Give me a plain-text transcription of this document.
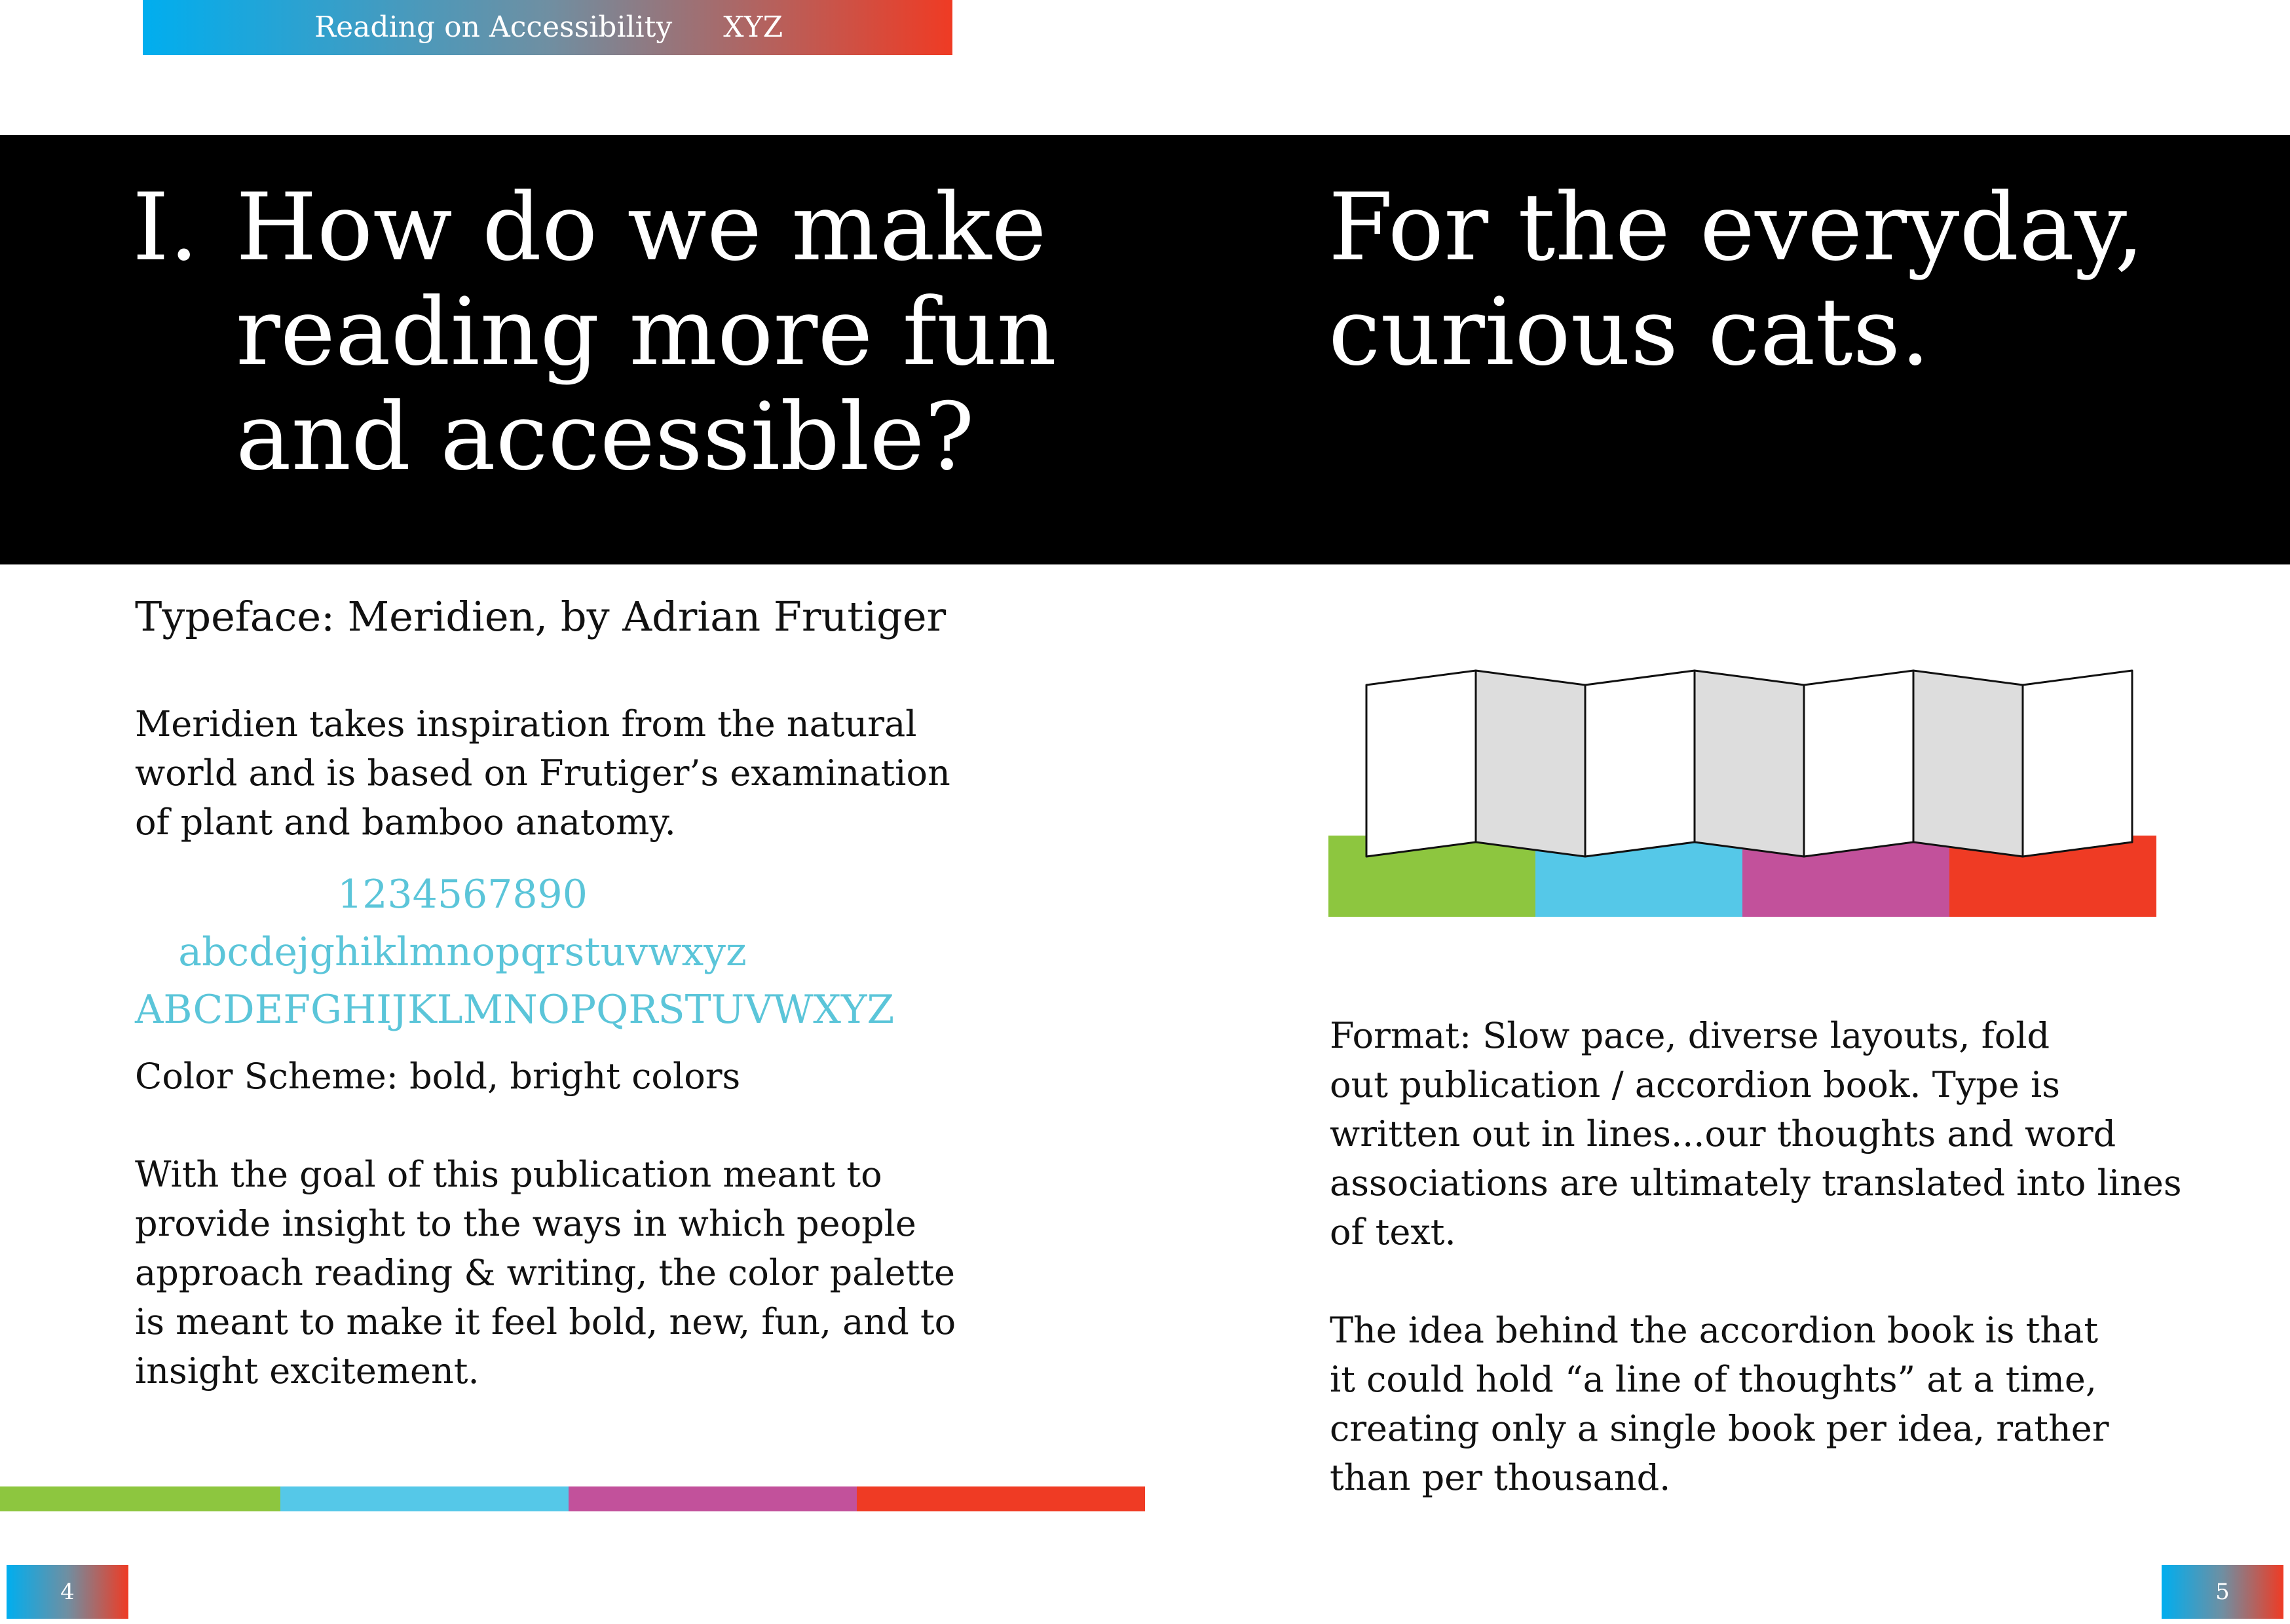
Reading on Accessibility XYZ
I. How do we make
reading more fun
and accessible?
For the everyday,
curious cats.
Typeface: Meridien, by Adrian Frutiger
Meridien takes inspiration from the natural
world and is based on Frutiger’s examination
of plant and bamboo anatomy.
1234567890
abcdejghiklmnopqrstuvwxyz
ABCDEFGHIJKLMNOPQRSTUVWXYZ
Color Scheme: bold, bright colors
With the goal of this publication meant to
provide insight to the ways in which people
approach reading & writing, the color palette
is meant to make it feel bold, new, fun, and to
insight excitement.
4	5
Format: Slow pace, diverse layouts, fold
out publication / accordion book. Type is
written out in lines...our thoughts and word
associations are ultimately translated into lines
of text.
The idea behind the accordion book is that
it could hold “a line of thoughts” at a time,
creating only a single book per idea, rather
than per thousand.
